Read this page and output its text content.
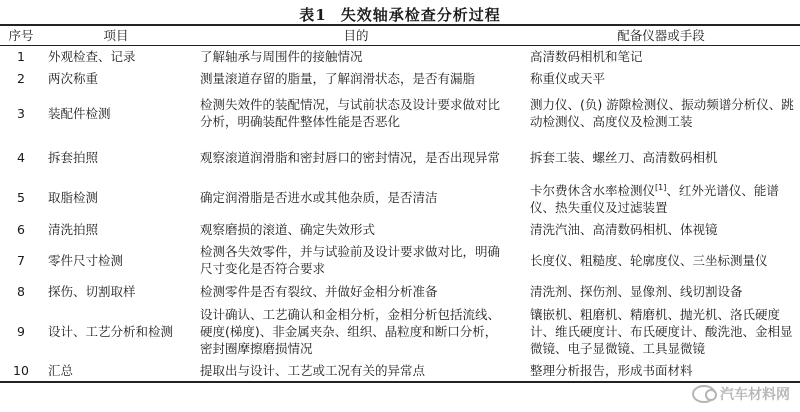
表1 失效轴承检查分析过程
序号	项目	目的	配备仪器或手段
1	外观检查、记录	了解轴承与周围件的接触情况	高清数码相机和笔记
2	两次称重	测量滚道存留的脂量，了解润滑状态，是否有漏脂	称重仪或天平
3	装配件检测	检测失效件的装配情况，与试前状态及设计要求做对比分析，明确装配件整体性能是否恶化	测力仪、(负) 游隙检测仪、振动频谱分析仪、跳动检测仪、高度仪及检测工装
4	拆套拍照	观察滚道润滑脂和密封唇口的密封情况，是否出现异常	拆套工装、螺丝刀、高清数码相机
5	取脂检测	确定润滑脂是否进水或其他杂质，是否清洁	卡尔费休含水率检测仪[1]、红外光谱仪、能谱仪、热失重仪及过滤装置
6	清洗拍照	观察磨损的滚道、确定失效形式	清洗汽油、高清数码相机、体视镜
7	零件尺寸检测	检测各失效零件，并与试验前及设计要求做对比，明确尺寸变化是否符合要求	长度仪、粗糙度、轮廓度仪、三坐标测量仪
8	探伤、切割取样	检测零件是否有裂纹、并做好金相分析准备	清洗剂、探伤剂、显像剂、线切割设备
9	设计、工艺分析和检测	设计确认、工艺确认和金相分析，金相分析包括流线、硬度(梯度)、非金属夹杂、组织、晶粒度和断口分析，密封圈摩擦磨损情况	镶嵌机、粗磨机、精磨机、抛光机、洛氏硬度计、维氏硬度计、布氏硬度计、酸洗池、金相显微镜、电子显微镜、工具显微镜
10	汇总	提取出与设计、工艺或工况有关的异常点	整理分析报告，形成书面材料
汽车材料网
